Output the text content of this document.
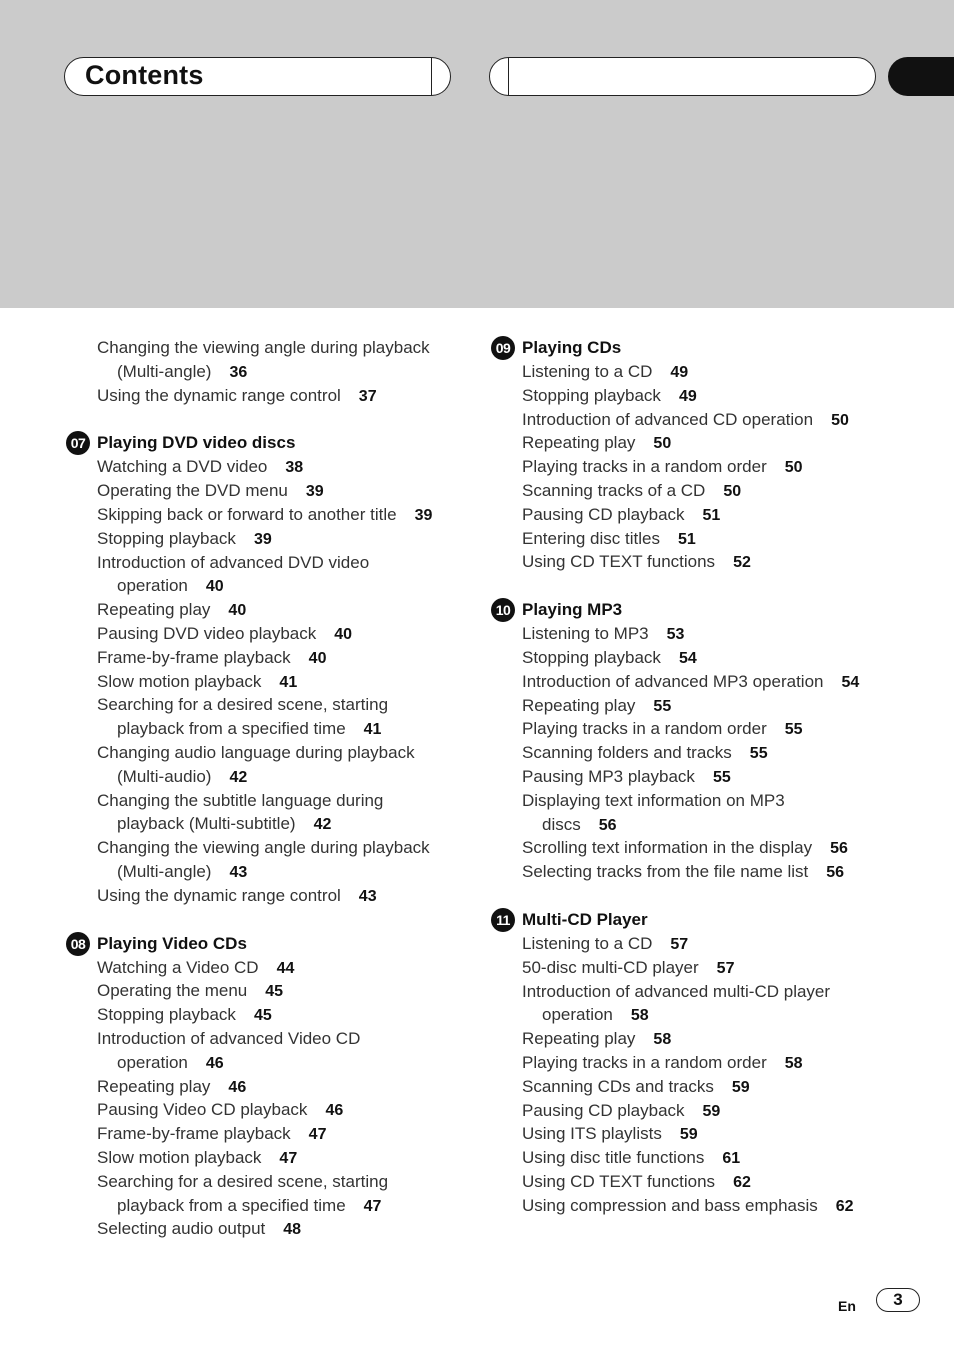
Contents
Changing the viewing angle during playback
(Multi-angle) 36
Using the dynamic range control 37
07 Playing DVD video discs
Watching a DVD video 38
Operating the DVD menu 39
Skipping back or forward to another title 39
Stopping playback 39
Introduction of advanced DVD video
operation 40
Repeating play 40
Pausing DVD video playback 40
Frame-by-frame playback 40
Slow motion playback 41
Searching for a desired scene, starting
playback from a specified time 41
Changing audio language during playback
(Multi-audio) 42
Changing the subtitle language during
playback (Multi-subtitle) 42
Changing the viewing angle during playback
(Multi-angle) 43
Using the dynamic range control 43
08 Playing Video CDs
Watching a Video CD 44
Operating the menu 45
Stopping playback 45
Introduction of advanced Video CD
operation 46
Repeating play 46
Pausing Video CD playback 46
Frame-by-frame playback 47
Slow motion playback 47
Searching for a desired scene, starting
playback from a specified time 47
Selecting audio output 48
09 Playing CDs
Listening to a CD 49
Stopping playback 49
Introduction of advanced CD operation 50
Repeating play 50
Playing tracks in a random order 50
Scanning tracks of a CD 50
Pausing CD playback 51
Entering disc titles 51
Using CD TEXT functions 52
10 Playing MP3
Listening to MP3 53
Stopping playback 54
Introduction of advanced MP3 operation 54
Repeating play 55
Playing tracks in a random order 55
Scanning folders and tracks 55
Pausing MP3 playback 55
Displaying text information on MP3
discs 56
Scrolling text information in the display 56
Selecting tracks from the file name list 56
11 Multi-CD Player
Listening to a CD 57
50-disc multi-CD player 57
Introduction of advanced multi-CD player
operation 58
Repeating play 58
Playing tracks in a random order 58
Scanning CDs and tracks 59
Pausing CD playback 59
Using ITS playlists 59
Using disc title functions 61
Using CD TEXT functions 62
Using compression and bass emphasis 62
En	3
